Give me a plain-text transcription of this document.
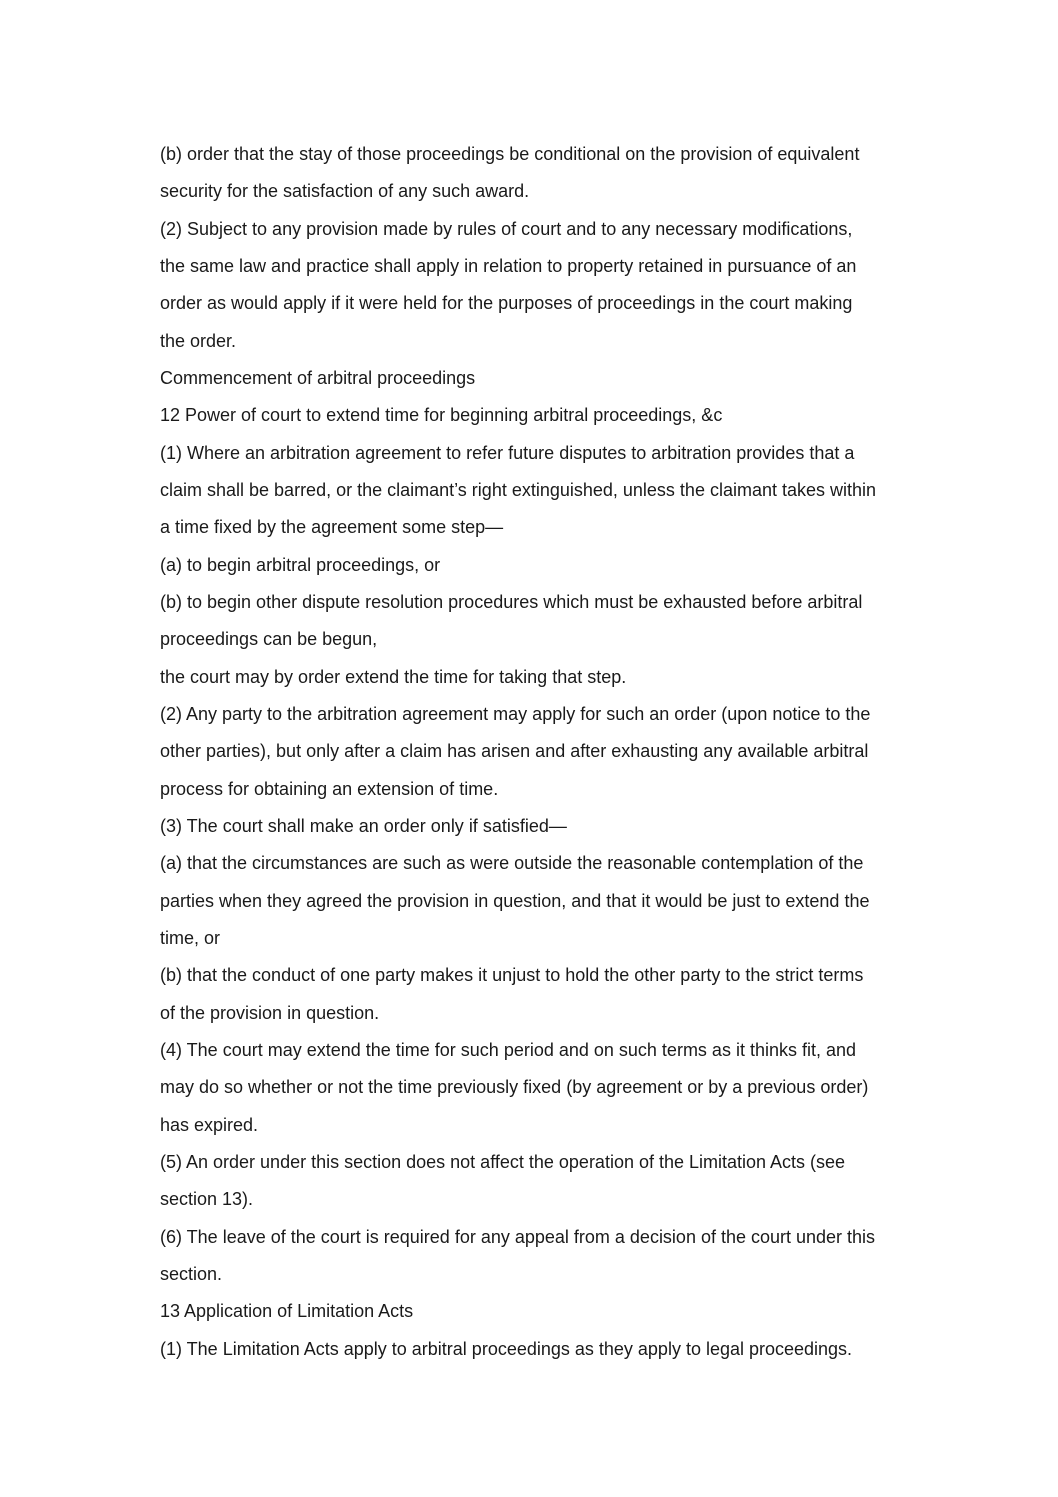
(b) order that the stay of those proceedings be conditional on the provision of equivalent
security for the satisfaction of any such award.
(2) Subject to any provision made by rules of court and to any necessary modifications,
the same law and practice shall apply in relation to property retained in pursuance of an
order as would apply if it were held for the purposes of proceedings in the court making
the order.
Commencement of arbitral proceedings
12 Power of court to extend time for beginning arbitral proceedings, &c
(1) Where an arbitration agreement to refer future disputes to arbitration provides that a
claim shall be barred, or the claimant’s right extinguished, unless the claimant takes within
a time fixed by the agreement some step—
(a) to begin arbitral proceedings, or
(b) to begin other dispute resolution procedures which must be exhausted before arbitral
proceedings can be begun,
the court may by order extend the time for taking that step.
(2) Any party to the arbitration agreement may apply for such an order (upon notice to the
other parties), but only after a claim has arisen and after exhausting any available arbitral
process for obtaining an extension of time.
(3) The court shall make an order only if satisfied—
(a) that the circumstances are such as were outside the reasonable contemplation of the
parties when they agreed the provision in question, and that it would be just to extend the
time, or
(b) that the conduct of one party makes it unjust to hold the other party to the strict terms
of the provision in question.
(4) The court may extend the time for such period and on such terms as it thinks fit, and
may do so whether or not the time previously fixed (by agreement or by a previous order)
has expired.
(5) An order under this section does not affect the operation of the Limitation Acts (see
section 13).
(6) The leave of the court is required for any appeal from a decision of the court under this
section.
13 Application of Limitation Acts
(1) The Limitation Acts apply to arbitral proceedings as they apply to legal proceedings.
